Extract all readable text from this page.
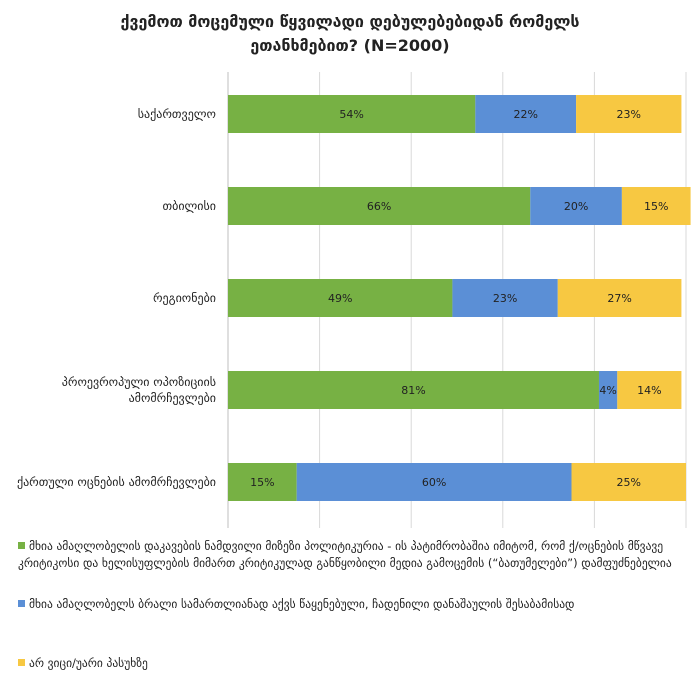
ქვემოთ მოცემული წყვილადი დებულებებიდან რომელს
ეთანხმებით? (N=2000)
საქართველო
თბილისი
რეგიონები
პროევროპული ოპოზიციის
ამომრჩევლები
ქართული ოცნების ამომრჩევლები
54%	22%	23%
66%	20%	15%
49%	23%	27%
81%	4% 14%
15%	60%	25%
მხია ამაღლობელის დაკავების ნამდვილი მიზეზი პოლიტიკურია - ის პატიმრობაშია იმიტომ, რომ ქ/ოცნების მწვავე კრიტიკოსი და ხელისუფლების მიმართ კრიტიკულად განწყობილი მედია გამოცემის (“ბათუმელები”) დამფუძნებელია
მხია ამაღლობელს ბრალი სამართლიანად აქვს წაყენებული, ჩადენილი დანაშაულის შესაბამისად
არ ვიცი/უარი პასუხზე
